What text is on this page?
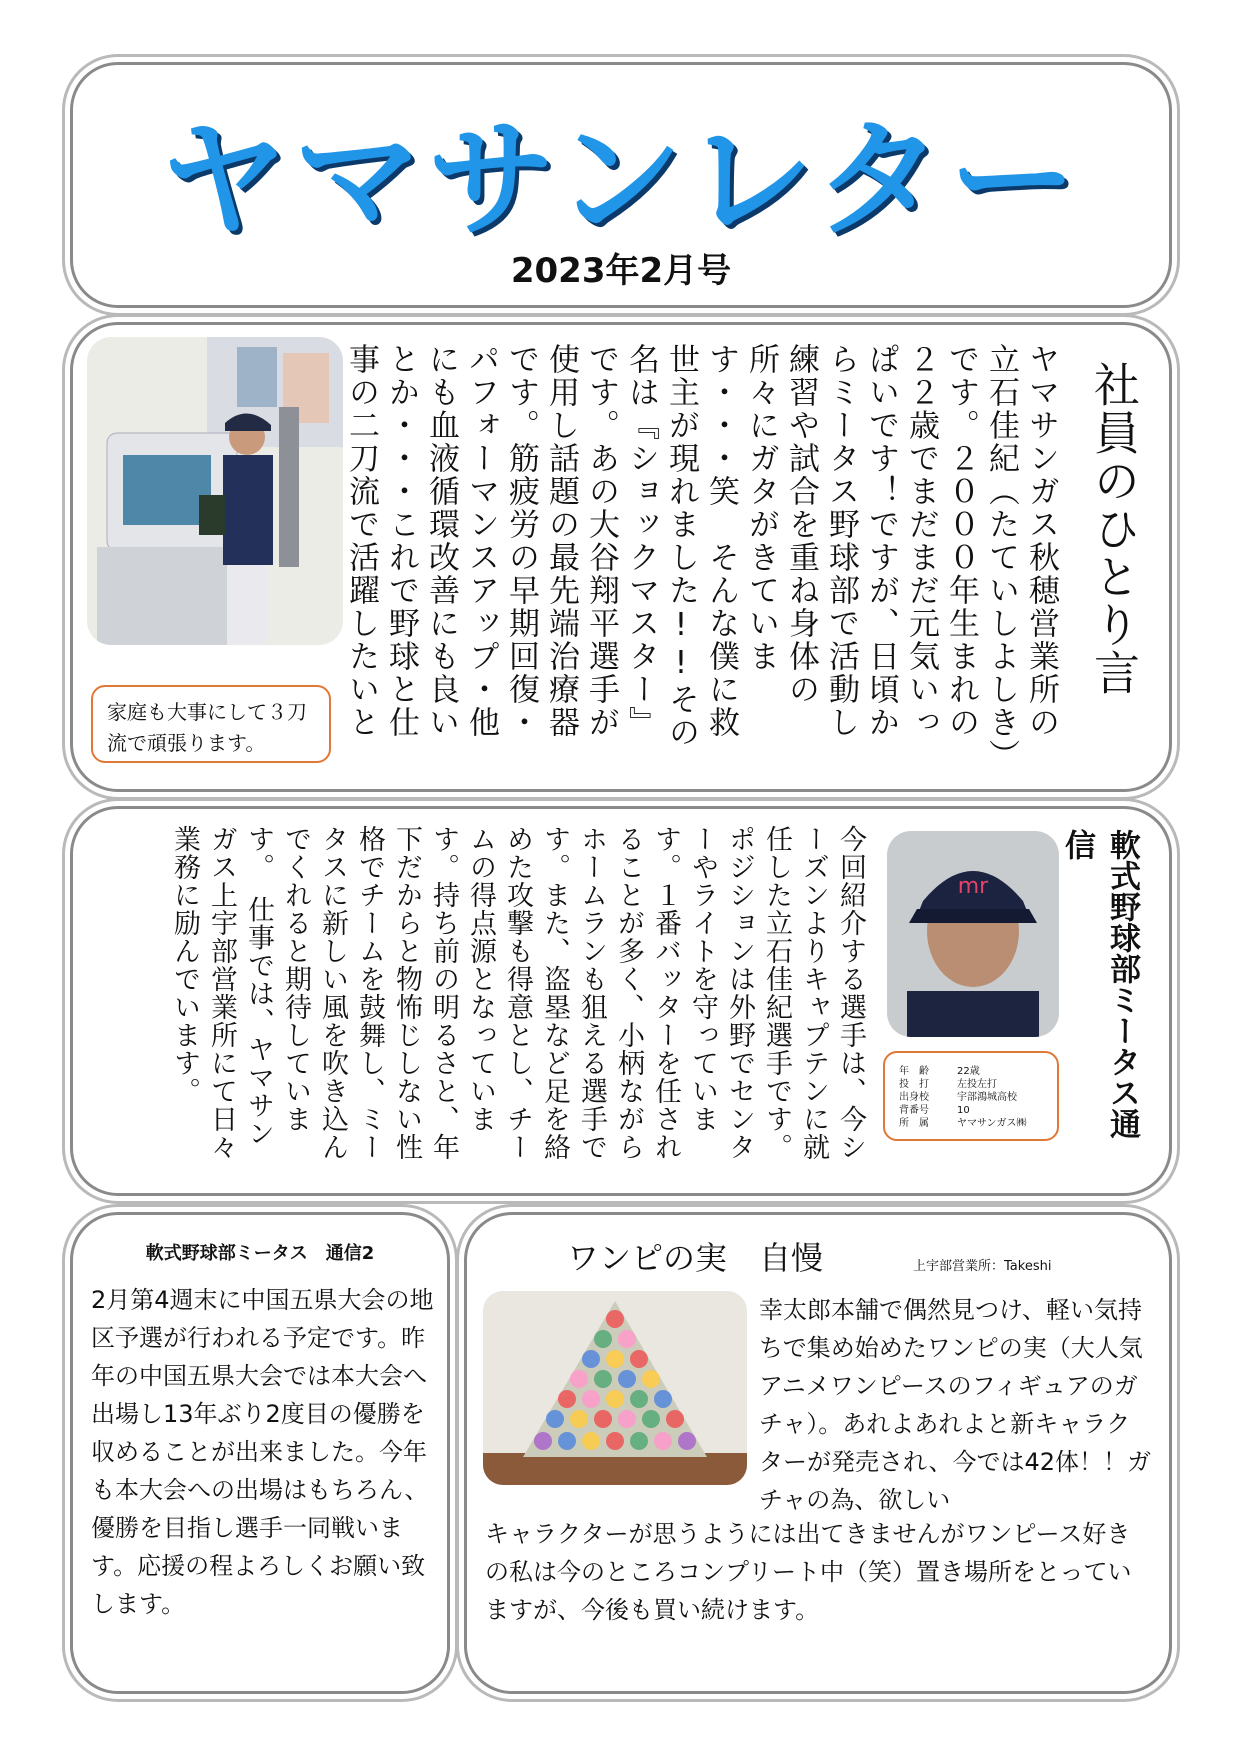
ヤマサンレター
2023年2月号
社員のひとり言
ヤマサンガス秋穂営業所の立石佳紀（たていしよしき）です。２０００年生まれの２２歳でまだまだ元気いっぱいです！ですが、日頃からミータス野球部で活動し練習や試合を重ね身体の所々にガタがきています・・・笑　そんな僕に救世主が現れました!!その名は『ショックマスター』です。あの大谷翔平選手が使用し話題の最先端治療器です。筋疲労の早期回復・パフォーマンスアップ・他にも血液循環改善にも良いとか・・・これで野球と仕事の二刀流で活躍したいと
家庭も大事にして３刀流で頑張ります。
軟式野球部ミータス通信
mr
年　齢	22歳
投　打	左投左打
出身校	宇部鴻城高校
背番号	10
所　属	ヤマサンガス㈱
今回紹介する選手は、今シーズンよりキャプテンに就任した立石佳紀選手です。ポジションは外野でセンターやライトを守っています。１番バッターを任されることが多く、小柄ながらホームランも狙える選手です。また、盗塁など足を絡めた攻撃も得意とし、チームの得点源となっています。持ち前の明るさと、年下だからと物怖じしない性格でチームを鼓舞し、ミータスに新しい風を吹き込んでくれると期待しています。　仕事では、ヤマサンガス上宇部営業所にて日々業務に励んでいます。
軟式野球部ミータス　通信2
2月第4週末に中国五県大会の地区予選が行われる予定です。昨年の中国五県大会では本大会へ出場し13年ぶり2度目の優勝を収めることが出来ました。今年も本大会への出場はもちろん、優勝を目指し選手一同戦います。応援の程よろしくお願い致します。
ワンピの実　自慢	上宇部営業所：Takeshi
幸太郎本舗で偶然見つけ、軽い気持ちで集め始めたワンピの実（大人気アニメワンピースのフィギュアのガチャ）。あれよあれよと新キャラクターが発売され、今では42体！！ガチャの為、欲しい
キャラクターが思うようには出てきませんがワンピース好きの私は今のところコンプリート中（笑）置き場所をとっていますが、今後も買い続けます。
